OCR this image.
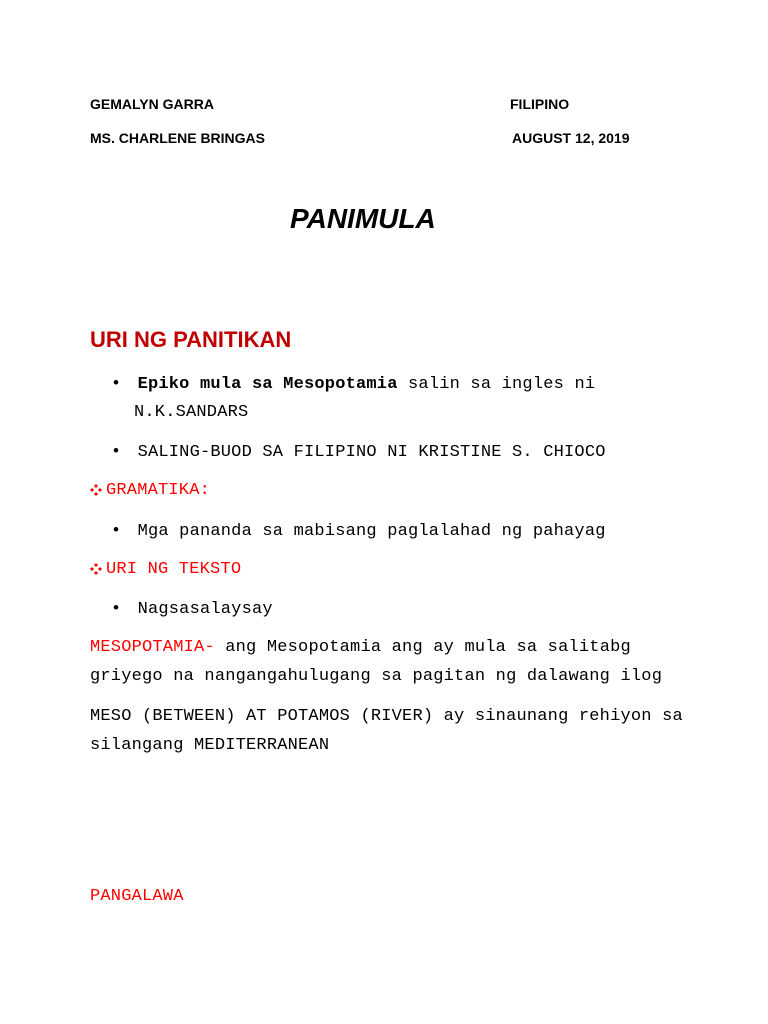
GEMALYN GARRA	FILIPINO
MS. CHARLENE BRINGAS	AUGUST 12, 2019
PANIMULA
URI NG PANITIKAN
• Epiko mula sa Mesopotamia salin sa ingles ni
N.K.SANDARS
• SALING-BUOD SA FILIPINO NI KRISTINE S. CHIOCO
GRAMATIKA:
• Mga pananda sa mabisang paglalahad ng pahayag
URI NG TEKSTO
• Nagsasalaysay
MESOPOTAMIA- ang Mesopotamia ang ay mula sa salitabg
griyego na nangangahulugang sa pagitan ng dalawang ilog
MESO (BETWEEN) AT POTAMOS (RIVER) ay sinaunang rehiyon sa
silangang MEDITERRANEAN
PANGALAWA
